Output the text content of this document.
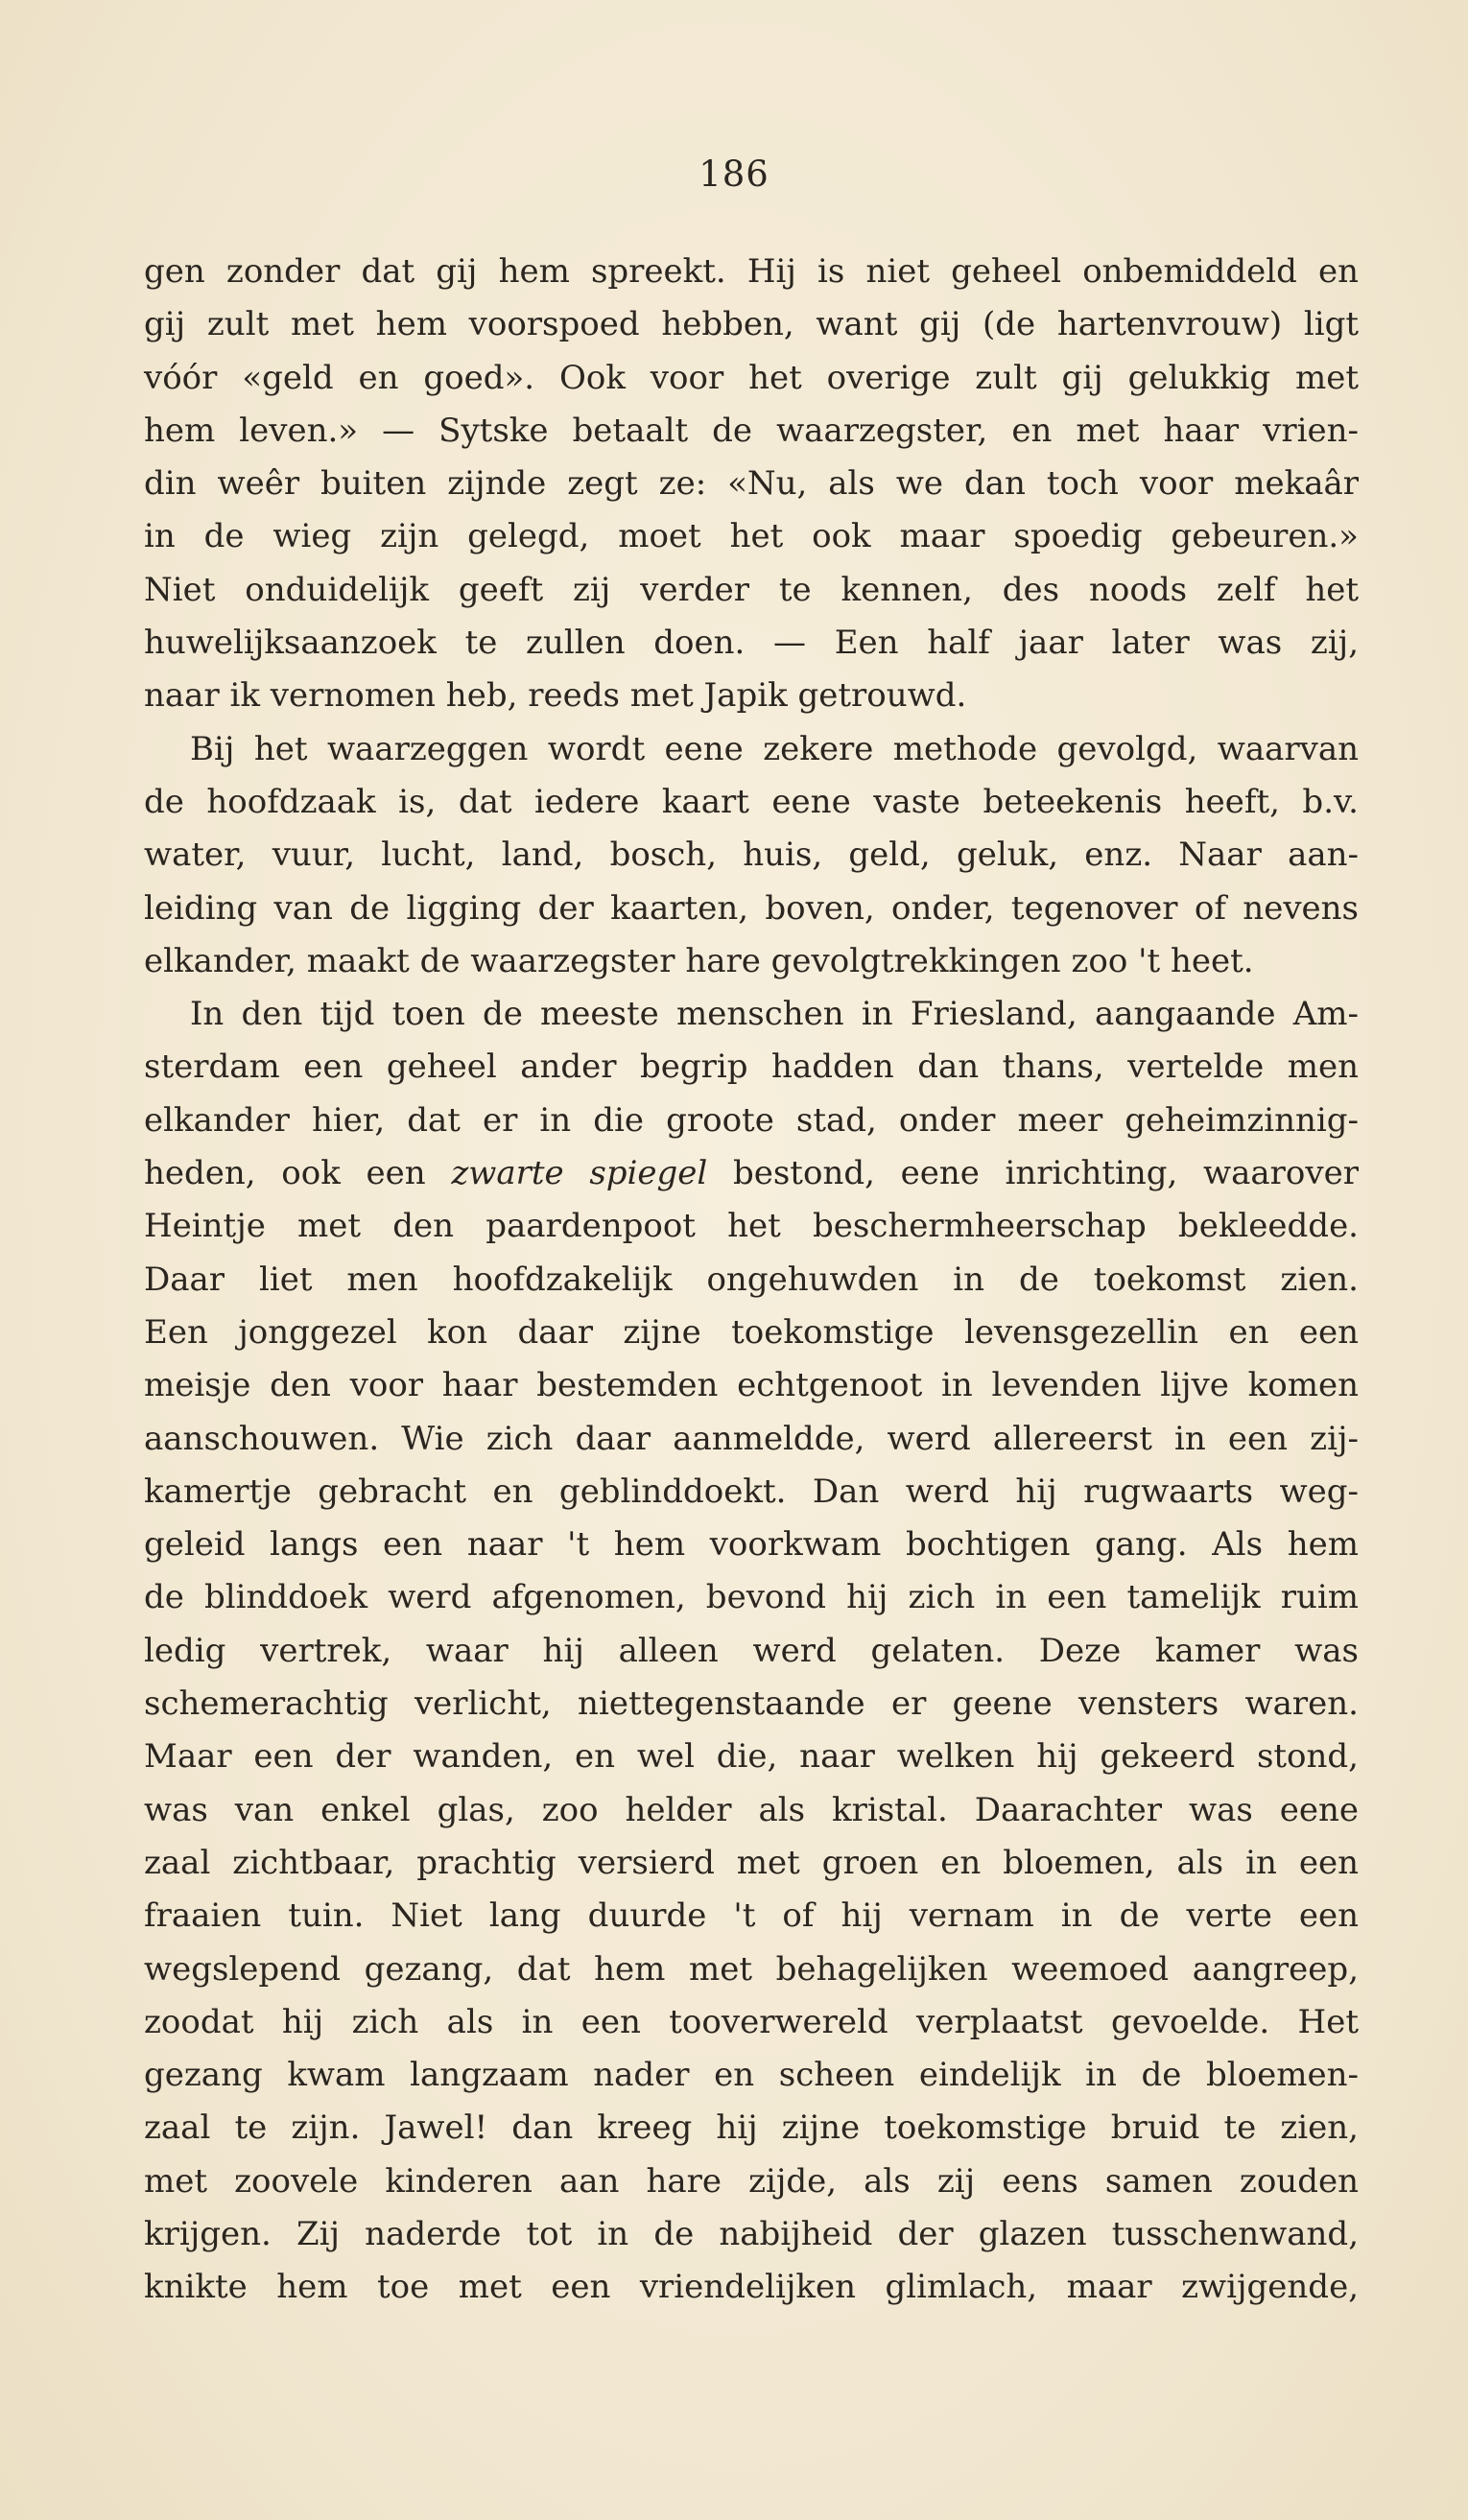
186
gen zonder dat gij hem spreekt. Hij is niet geheel onbemiddeld en
gij zult met hem voorspoed hebben, want gij (de hartenvrouw) ligt
vóór «geld en goed». Ook voor het overige zult gij gelukkig met
hem leven.» — Sytske betaalt de waarzegster, en met haar vrien-
din weêr buiten zijnde zegt ze: «Nu, als we dan toch voor mekaâr
in de wieg zijn gelegd, moet het ook maar spoedig gebeuren.»
Niet onduidelijk geeft zij verder te kennen, des noods zelf het
huwelijksaanzoek te zullen doen. — Een half jaar later was zij,
naar ik vernomen heb, reeds met Japik getrouwd.
Bij het waarzeggen wordt eene zekere methode gevolgd, waarvan
de hoofdzaak is, dat iedere kaart eene vaste beteekenis heeft, b.v.
water, vuur, lucht, land, bosch, huis, geld, geluk, enz. Naar aan-
leiding van de ligging der kaarten, boven, onder, tegenover of nevens
elkander, maakt de waarzegster hare gevolgtrekkingen zoo 't heet.
In den tijd toen de meeste menschen in Friesland, aangaande Am-
sterdam een geheel ander begrip hadden dan thans, vertelde men
elkander hier, dat er in die groote stad, onder meer geheimzinnig-
heden, ook een zwarte spiegel bestond, eene inrichting, waarover
Heintje met den paardenpoot het beschermheerschap bekleedde.
Daar liet men hoofdzakelijk ongehuwden in de toekomst zien.
Een jonggezel kon daar zijne toekomstige levensgezellin en een
meisje den voor haar bestemden echtgenoot in levenden lijve komen
aanschouwen. Wie zich daar aanmeldde, werd allereerst in een zij-
kamertje gebracht en geblinddoekt. Dan werd hij rugwaarts weg-
geleid langs een naar 't hem voorkwam bochtigen gang. Als hem
de blinddoek werd afgenomen, bevond hij zich in een tamelijk ruim
ledig vertrek, waar hij alleen werd gelaten. Deze kamer was
schemerachtig verlicht, niettegenstaande er geene vensters waren.
Maar een der wanden, en wel die, naar welken hij gekeerd stond,
was van enkel glas, zoo helder als kristal. Daarachter was eene
zaal zichtbaar, prachtig versierd met groen en bloemen, als in een
fraaien tuin. Niet lang duurde 't of hij vernam in de verte een
wegslepend gezang, dat hem met behagelijken weemoed aangreep,
zoodat hij zich als in een tooverwereld verplaatst gevoelde. Het
gezang kwam langzaam nader en scheen eindelijk in de bloemen-
zaal te zijn. Jawel! dan kreeg hij zijne toekomstige bruid te zien,
met zoovele kinderen aan hare zijde, als zij eens samen zouden
krijgen. Zij naderde tot in de nabijheid der glazen tusschenwand,
knikte hem toe met een vriendelijken glimlach, maar zwijgende,
